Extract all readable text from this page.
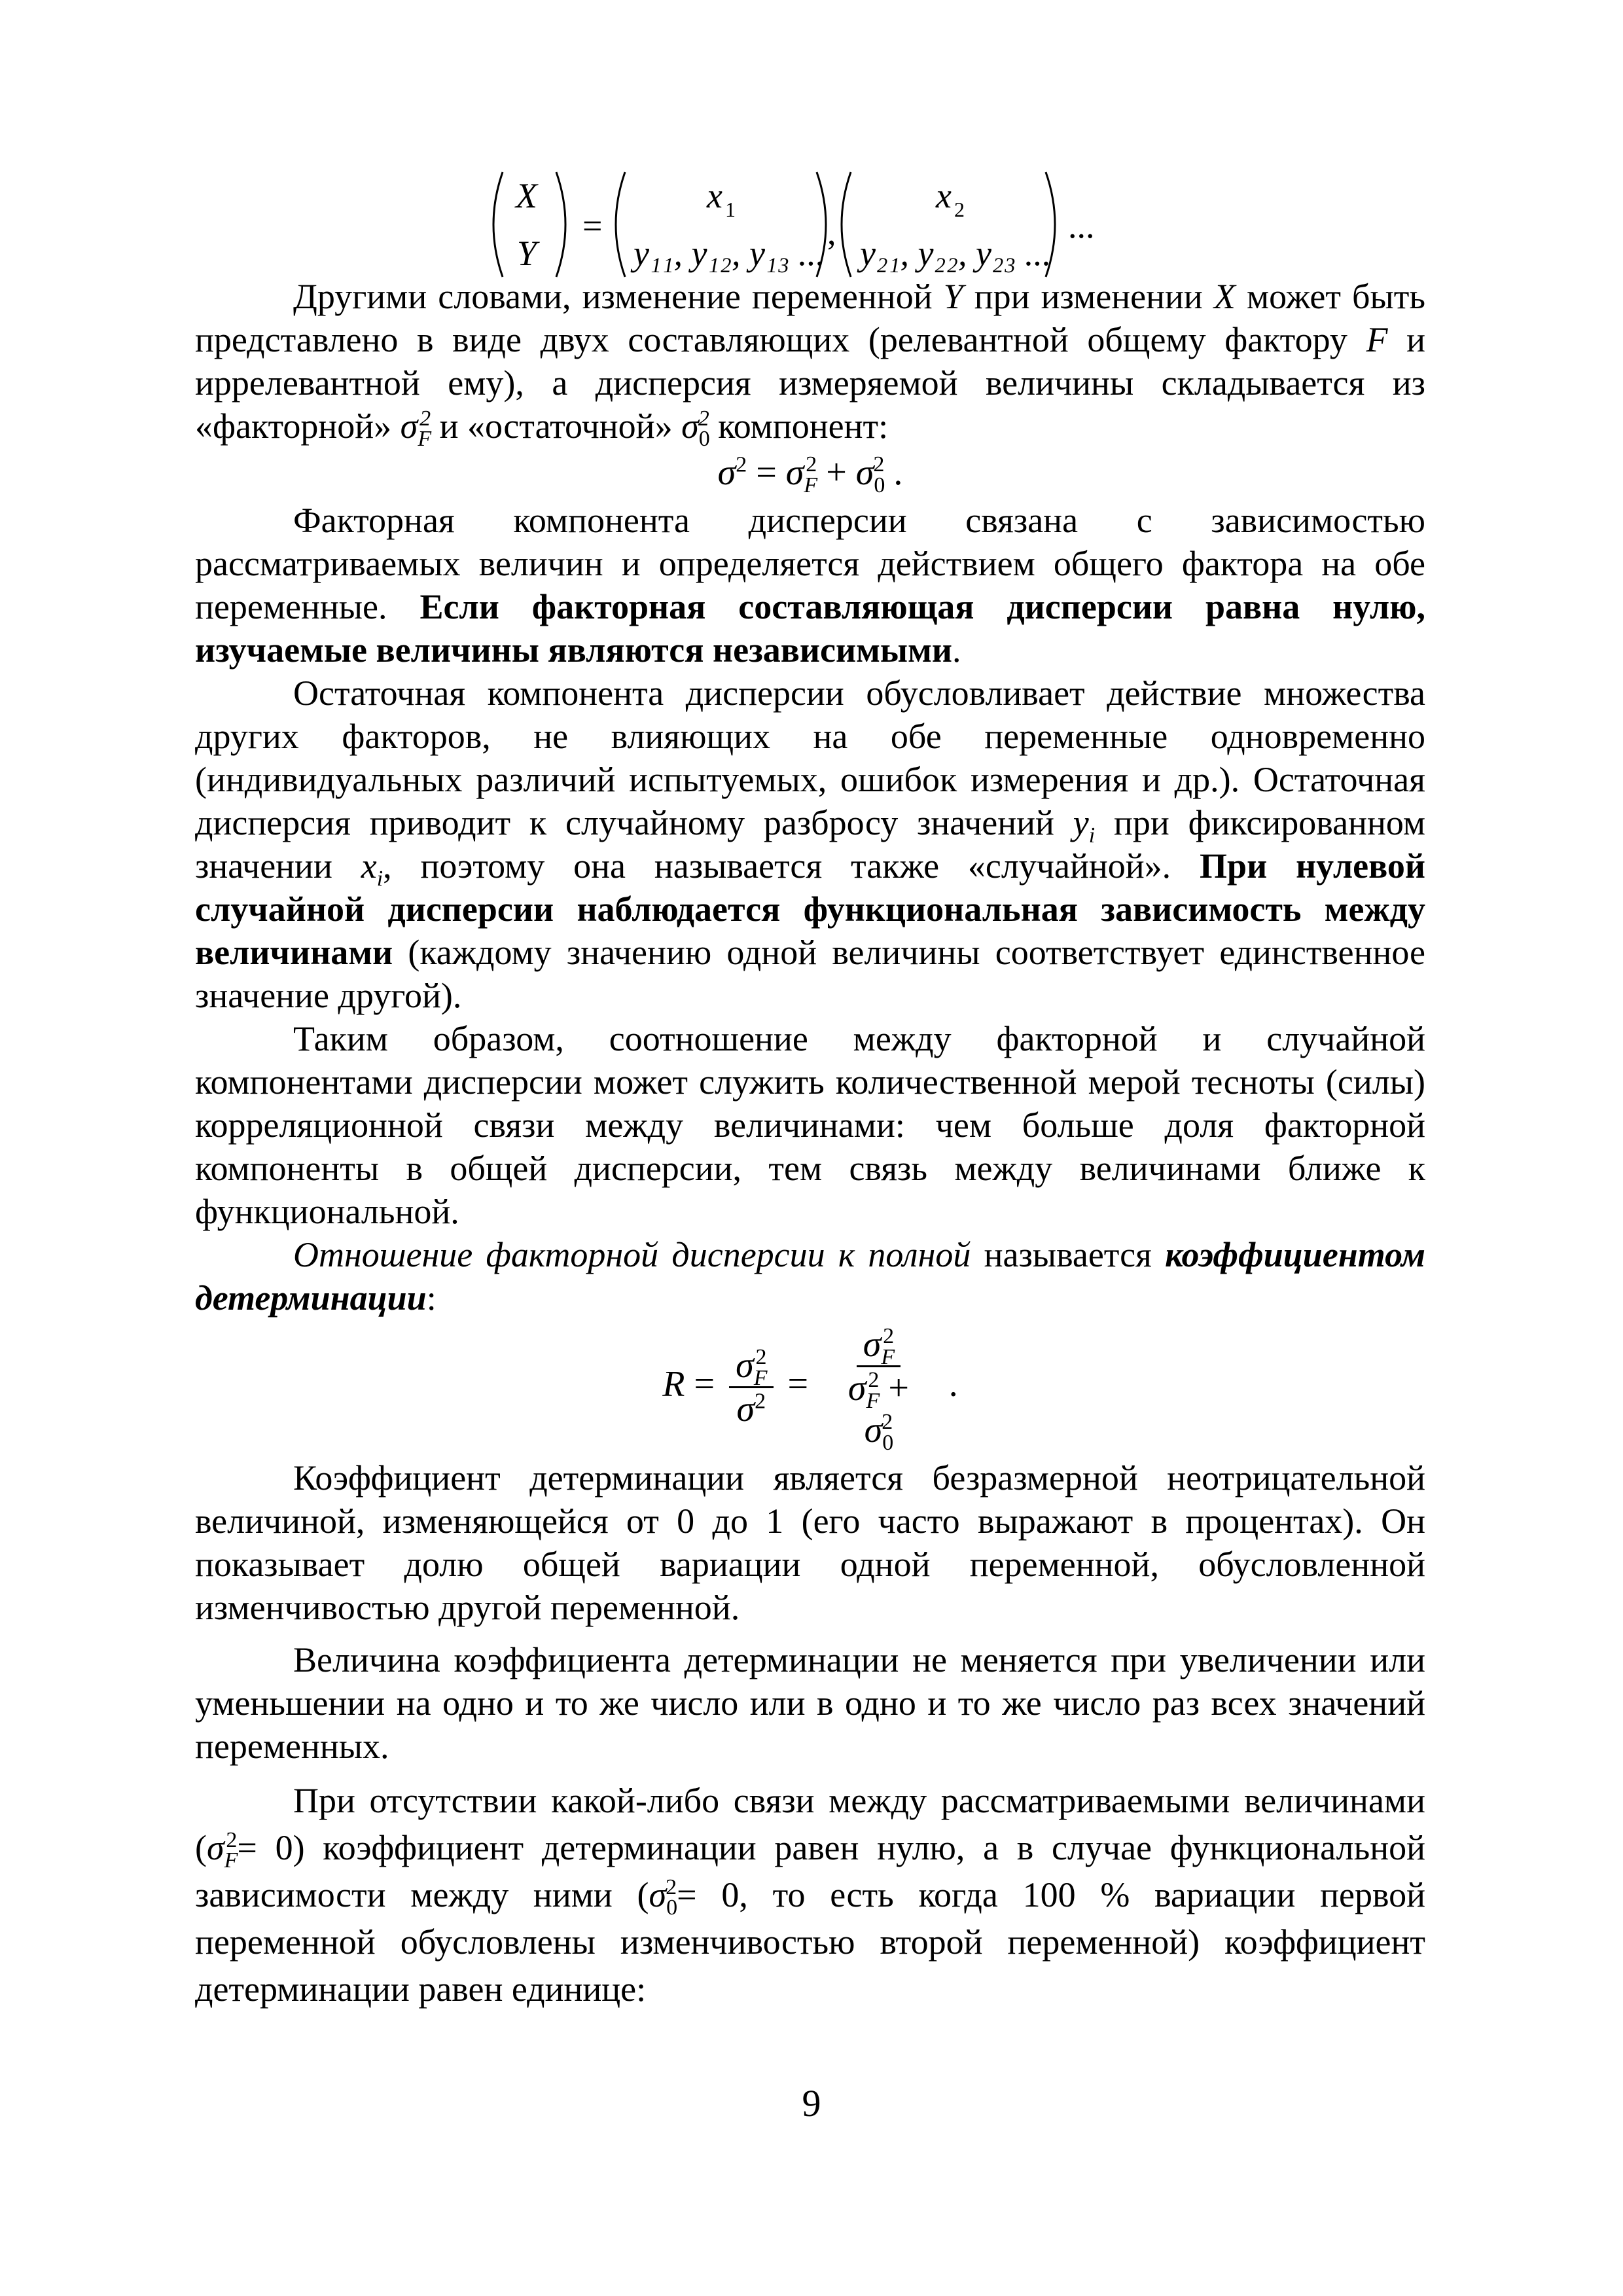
X
Y
=
x 1
y₁₁, y₁₂, y₁₃ ...
,
x 2
y₂₁, y₂₂, y₂₃ ...
...

Другими словами, изменение переменной Y при изменении X может быть представлено в виде двух составляющих (релевантной общему фактору F и иррелевантной ему), а дисперсия измеряемой величины складывается из «факторной» $\sigma_F^2$ и «остаточной» $\sigma_0^2$ компонент:

$\sigma^2 = \sigma_F^2 + \sigma_0^2$ .

Факторная компонента дисперсии связана с зависимостью рассматриваемых величин и определяется действием общего фактора на обе переменные. Если факторная составляющая дисперсии равна нулю, изучаемые величины являются независимыми.

Остаточная компонента дисперсии обусловливает действие множества других факторов, не влияющих на обе переменные одновременно (индивидуальных различий испытуемых, ошибок измерения и др.). Остаточная дисперсия приводит к случайному разбросу значений $y_i$ при фиксированном значении $x_i$, поэтому она называется также «случайной». При нулевой случайной дисперсии наблюдается функциональная зависимость между величинами (каждому значению одной величины соответствует единственное значение другой).

Таким образом, соотношение между факторной и случайной компонентами дисперсии может служить количественной мерой тесноты (силы) корреляционной связи между величинами: чем больше доля факторной компоненты в общей дисперсии, тем связь между величинами ближе к функциональной.

Отношение факторной дисперсии к полной называется коэффициентом детерминации:

$R = \frac{\sigma_F^2}{\sigma^2} = \frac{\sigma_F^2}{\sigma_F^2 + \sigma_0^2}$ .

Коэффициент детерминации является безразмерной неотрицательной величиной, изменяющейся от 0 до 1 (его часто выражают в процентах). Он показывает долю общей вариации одной переменной, обусловленной изменчивостью другой переменной.

Величина коэффициента детерминации не меняется при увеличении или уменьшении на одно и то же число или в одно и то же число раз всех значений переменных.

При отсутствии какой-либо связи между рассматриваемыми величинами $(\sigma_F^2= 0)$ коэффициент детерминации равен нулю, а в случае функциональной зависимости между ними ($\sigma_0^2= 0$, то есть когда 100 % вариации первой переменной обусловлены изменчивостью второй переменной) коэффициент детерминации равен единице:

9
